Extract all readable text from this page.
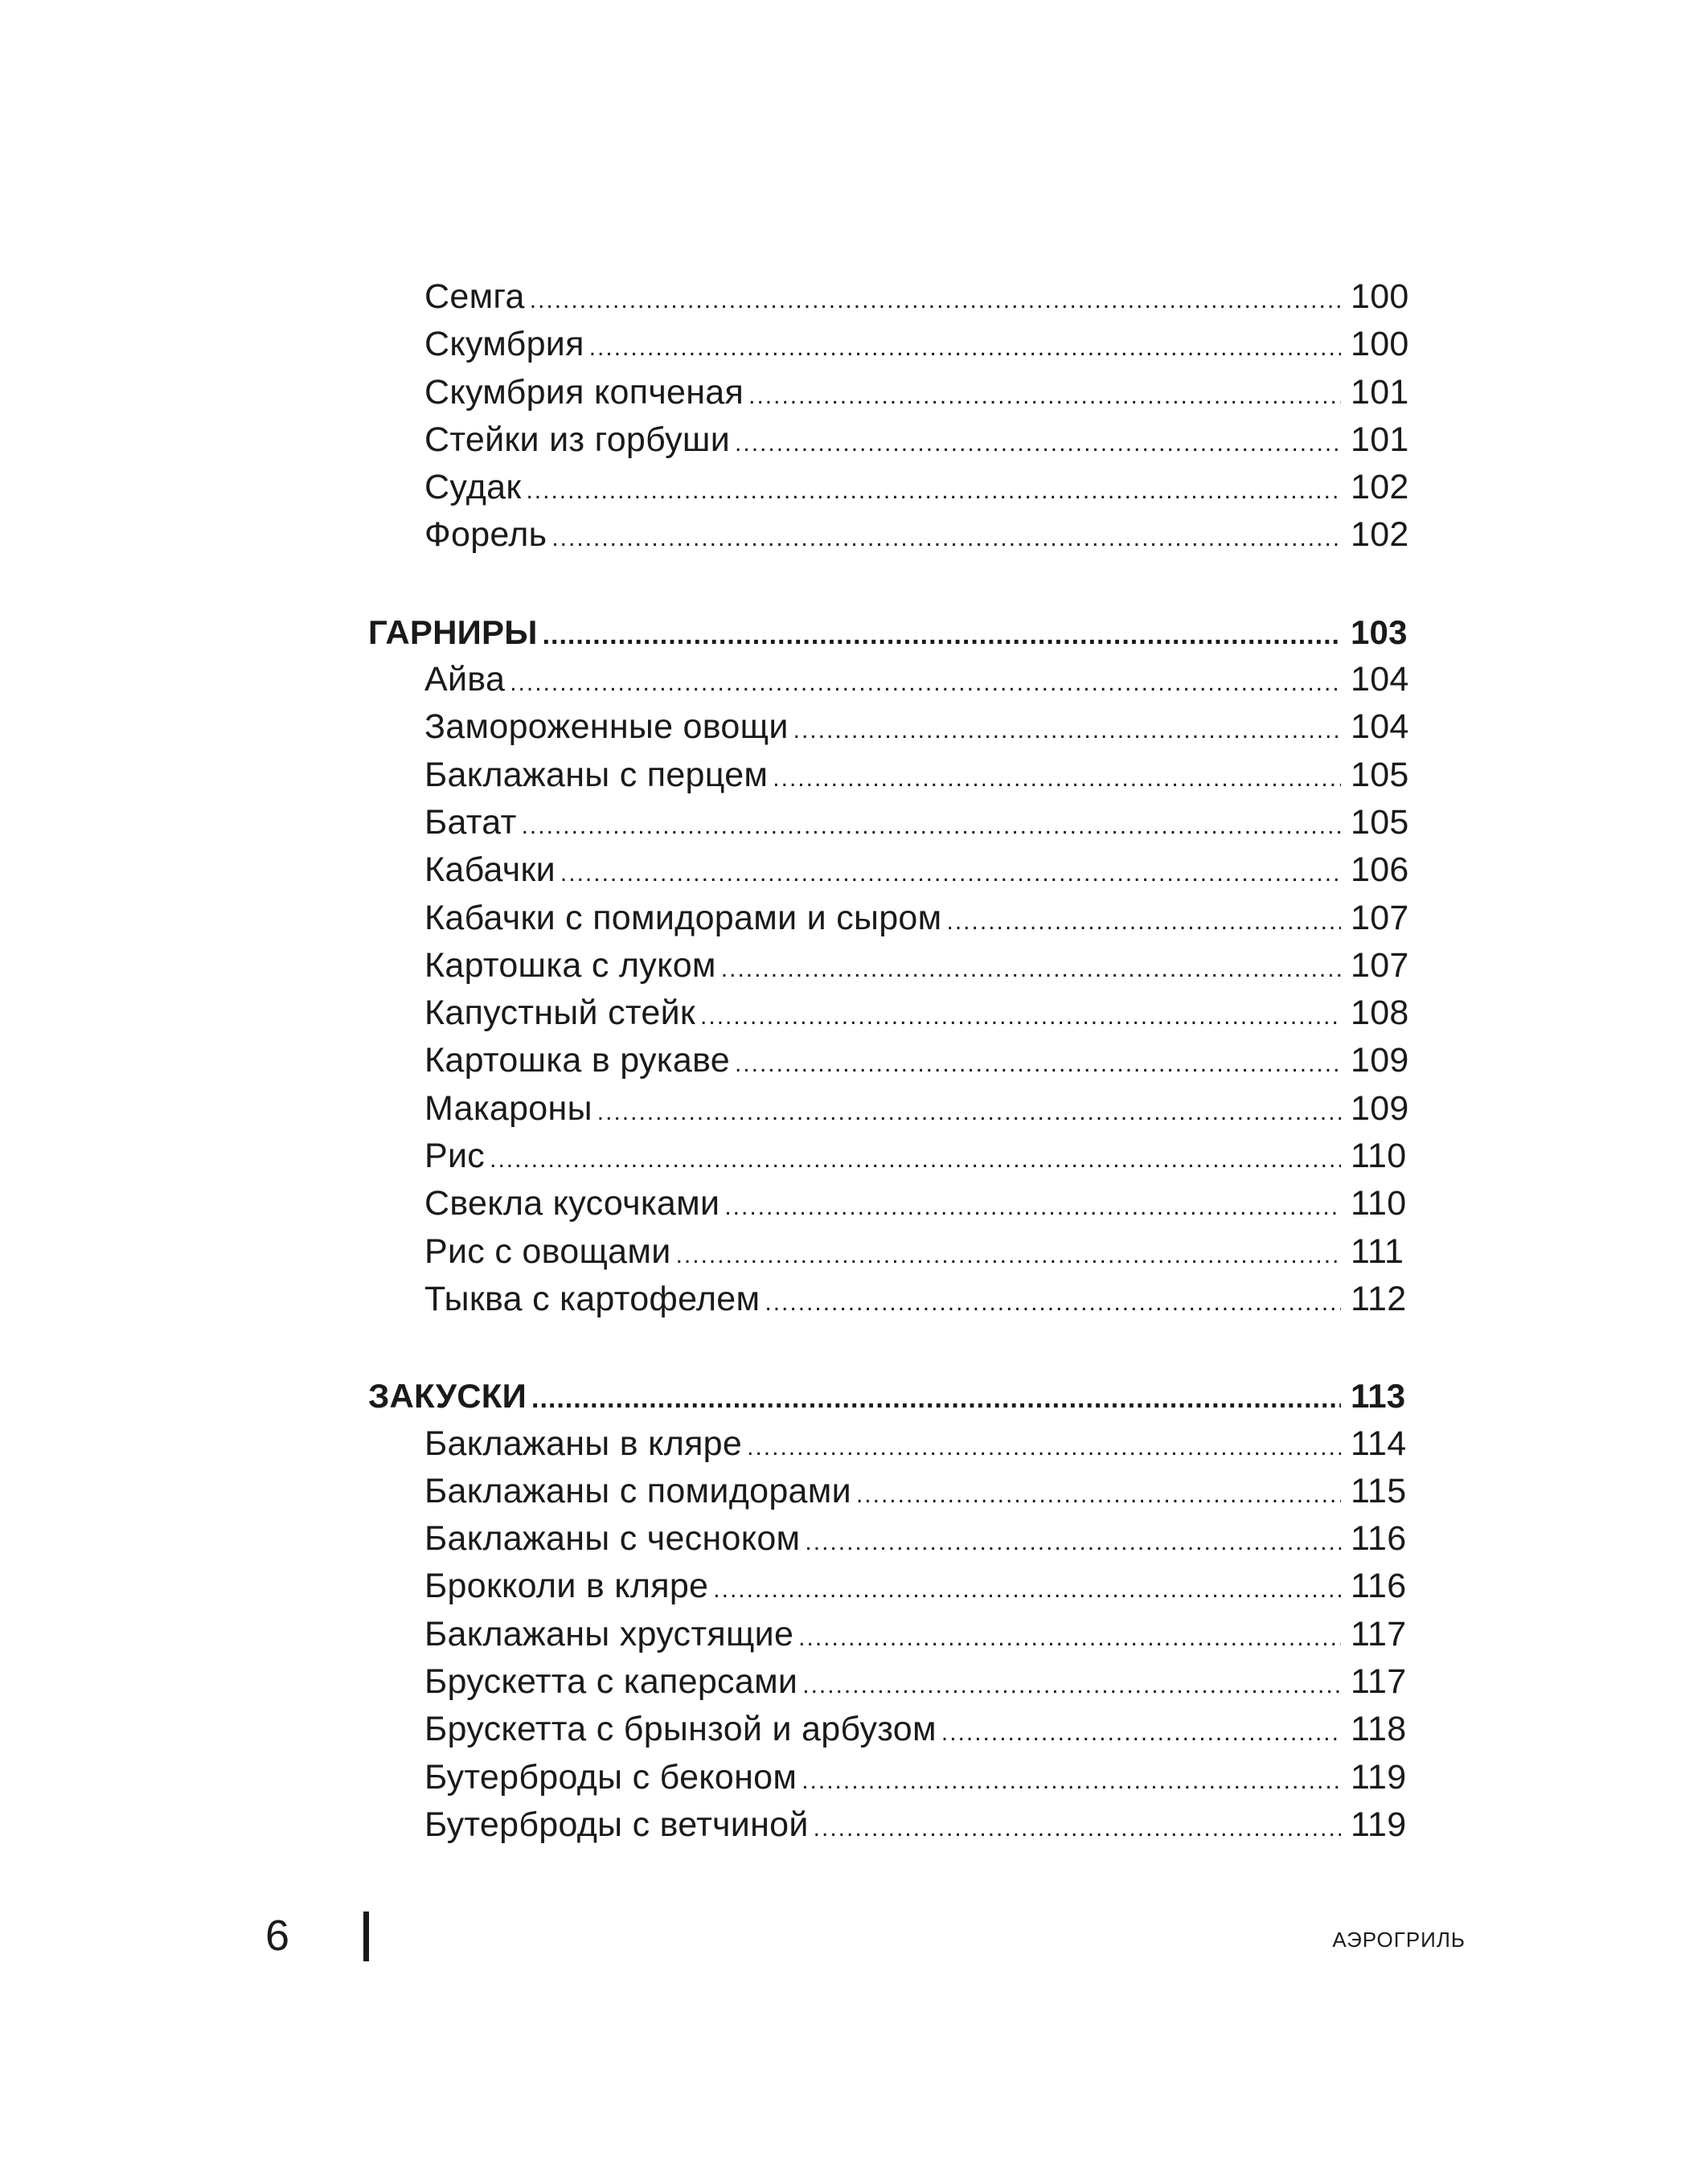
Семга .....	100
Скумбрия .....	100
Скумбрия копченая .....	101
Стейки из горбуши .....	101
Судак .....	102
Форель .....	102
ГАРНИРЫ .....	103
Айва .....	104
Замороженные овощи .....	104
Баклажаны с перцем .....	105
Батат .....	105
Кабачки .....	106
Кабачки с помидорами и сыром .....	107
Картошка с луком .....	107
Капустный стейк .....	108
Картошка в рукаве .....	109
Макароны .....	109
Рис .....	110
Свекла кусочками .....	110
Рис с овощами .....	111
Тыква с картофелем .....	112
ЗАКУСКИ .....	113
Баклажаны в кляре .....	114
Баклажаны с помидорами .....	115
Баклажаны с чесноком .....	116
Брокколи в кляре .....	116
Баклажаны хрустящие .....	117
Брускетта с каперсами .....	117
Брускетта с брынзой и арбузом .....	118
Бутерброды с беконом .....	119
Бутерброды с ветчиной .....	119
6	АЭРОГРИЛЬ
